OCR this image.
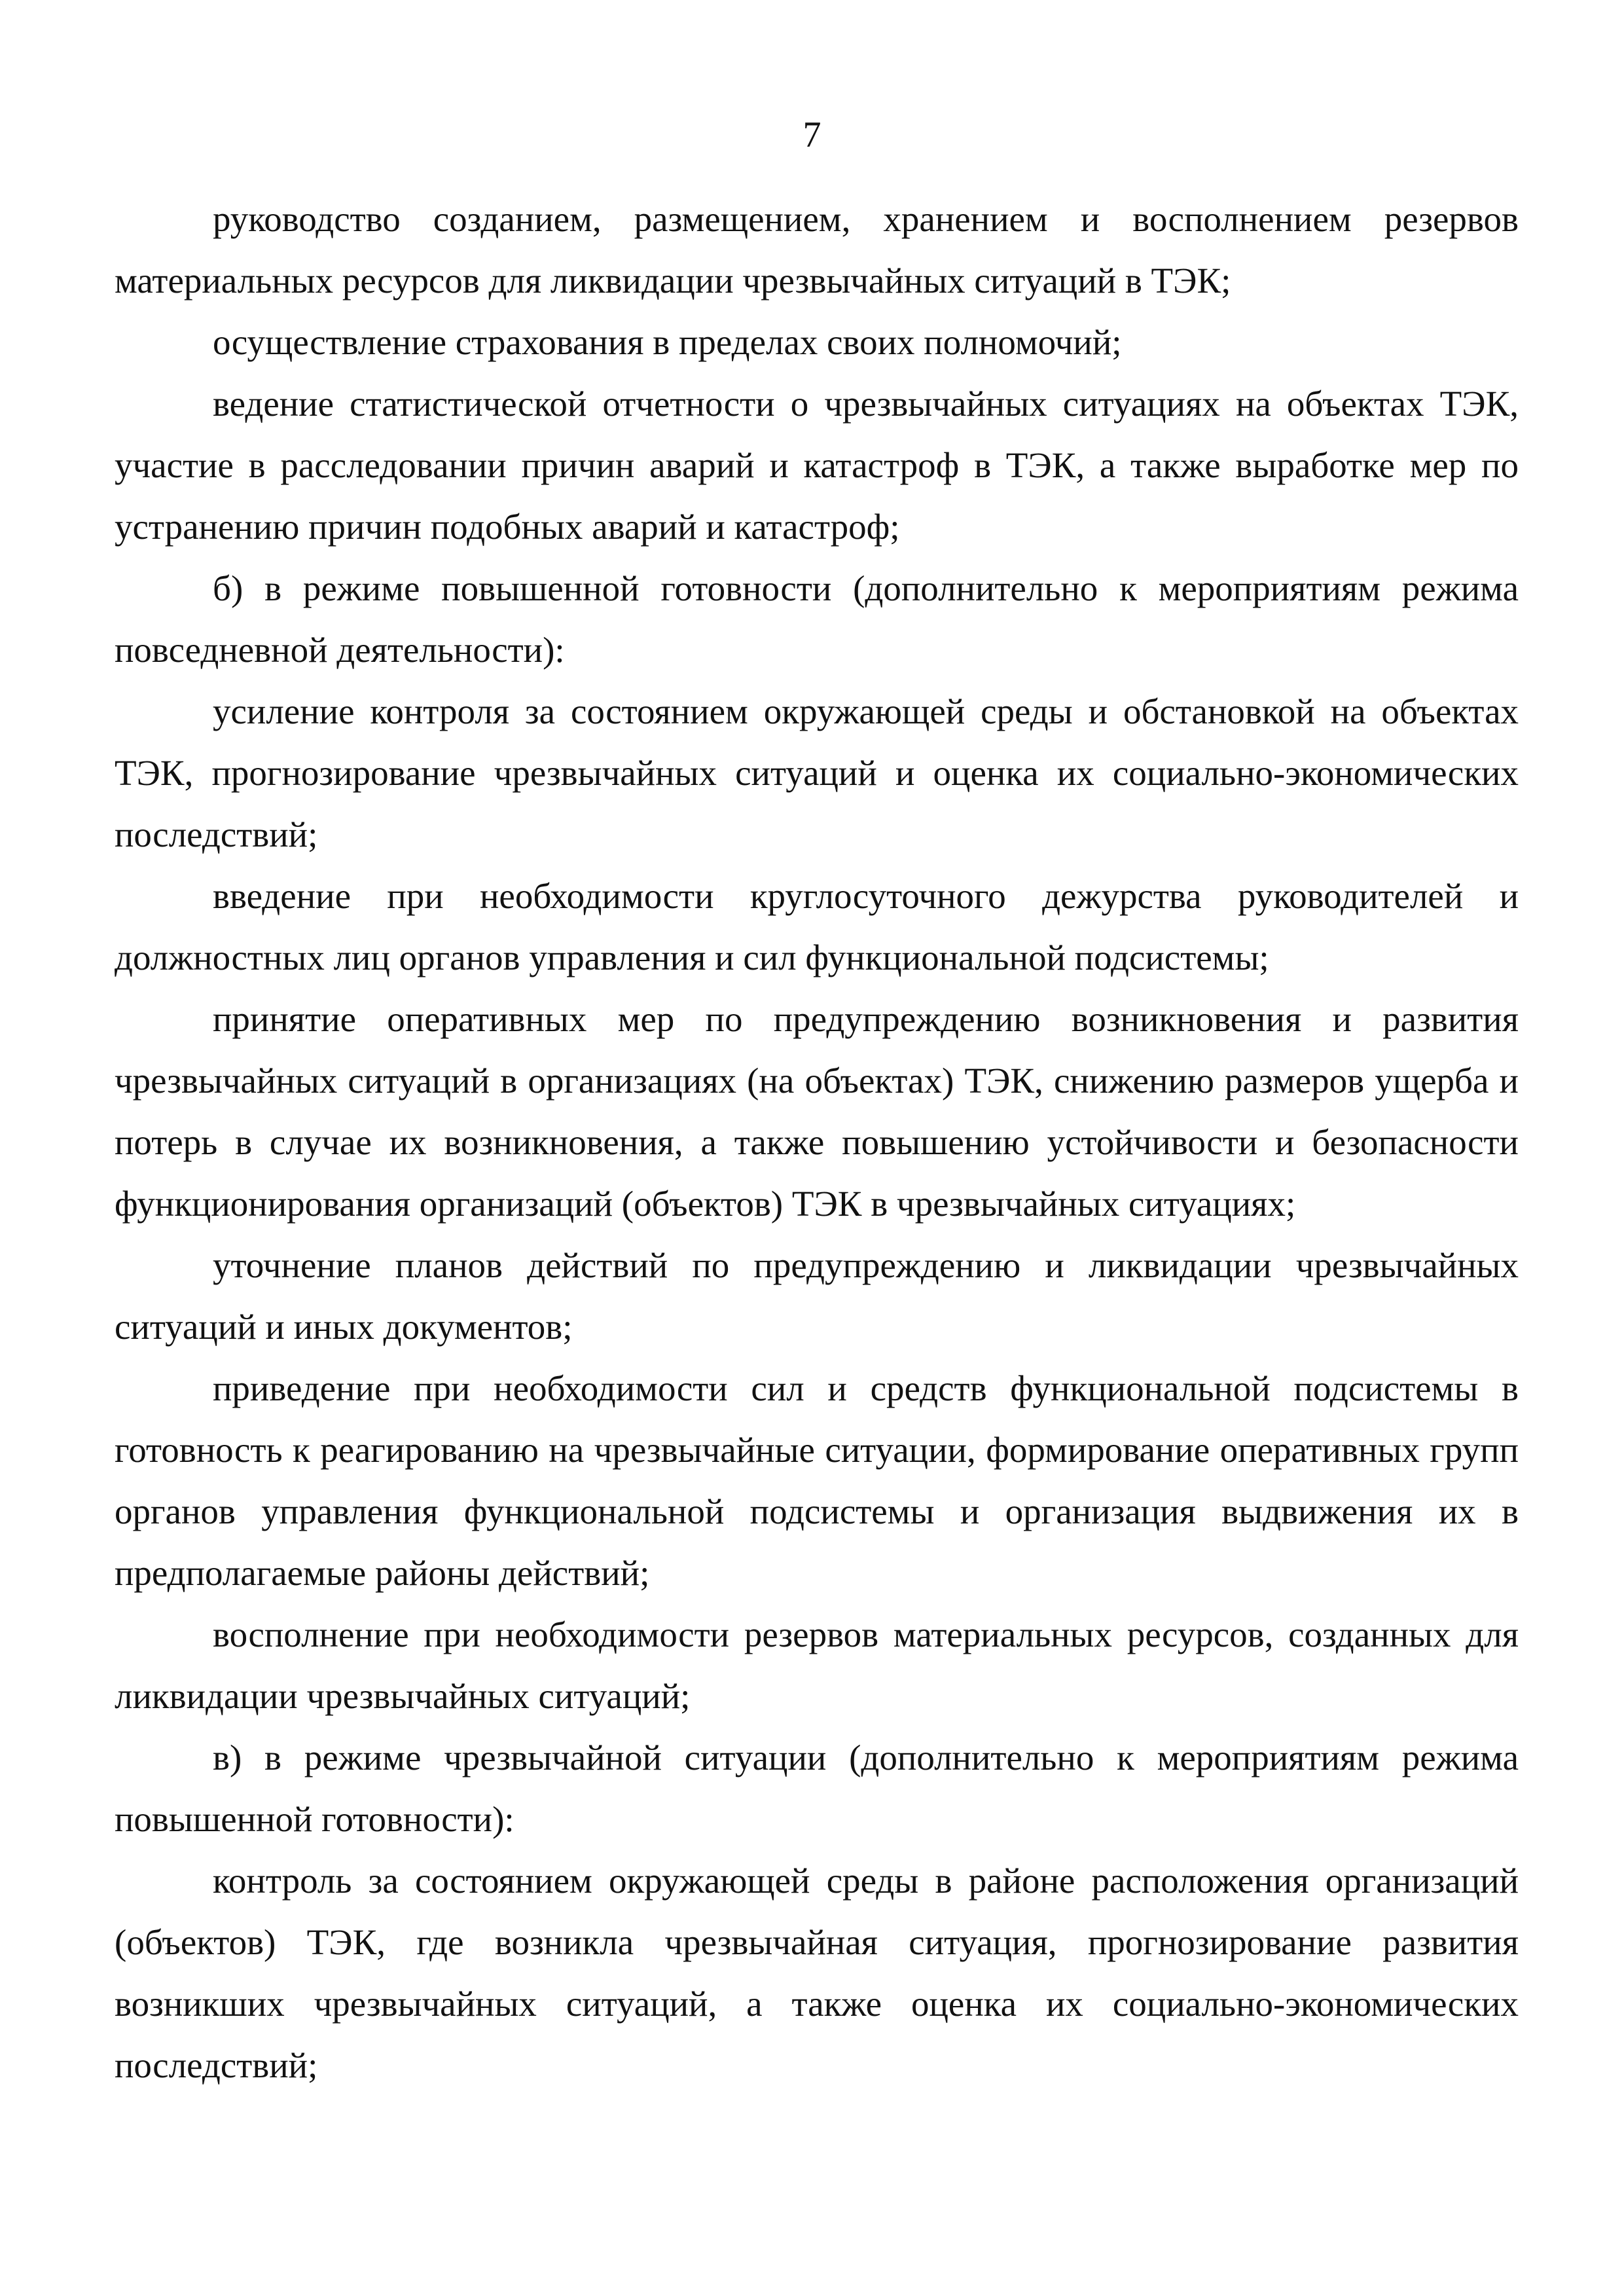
7

руководство созданием, размещением, хранением и восполнением резервов материальных ресурсов для ликвидации чрезвычайных ситуаций в ТЭК;

осуществление страхования в пределах своих полномочий;

ведение статистической отчетности о чрезвычайных ситуациях на объектах ТЭК, участие в расследовании причин аварий и катастроф в ТЭК, а также выработке мер по устранению причин подобных аварий и катастроф;

б) в режиме повышенной готовности (дополнительно к мероприятиям режима повседневной деятельности):

усиление контроля за состоянием окружающей среды и обстановкой на объектах ТЭК, прогнозирование чрезвычайных ситуаций и оценка их социально-экономических последствий;

введение при необходимости круглосуточного дежурства руководителей и должностных лиц органов управления и сил функциональной подсистемы;

принятие оперативных мер по предупреждению возникновения и развития чрезвычайных ситуаций в организациях (на объектах) ТЭК, снижению размеров ущерба и потерь в случае их возникновения, а также повышению устойчивости и безопасности функционирования организаций (объектов) ТЭК в чрезвычайных ситуациях;

уточнение планов действий по предупреждению и ликвидации чрезвычайных ситуаций и иных документов;

приведение при необходимости сил и средств функциональной подсистемы в готовность к реагированию на чрезвычайные ситуации, формирование оперативных групп органов управления функциональной подсистемы и организация выдвижения их в предполагаемые районы действий;

восполнение при необходимости резервов материальных ресурсов, созданных для ликвидации чрезвычайных ситуаций;

в) в режиме чрезвычайной ситуации (дополнительно к мероприятиям режима повышенной готовности):

контроль за состоянием окружающей среды в районе расположения организаций (объектов) ТЭК, где возникла чрезвычайная ситуация, прогнозирование развития возникших чрезвычайных ситуаций, а также оценка их социально-экономических последствий;
